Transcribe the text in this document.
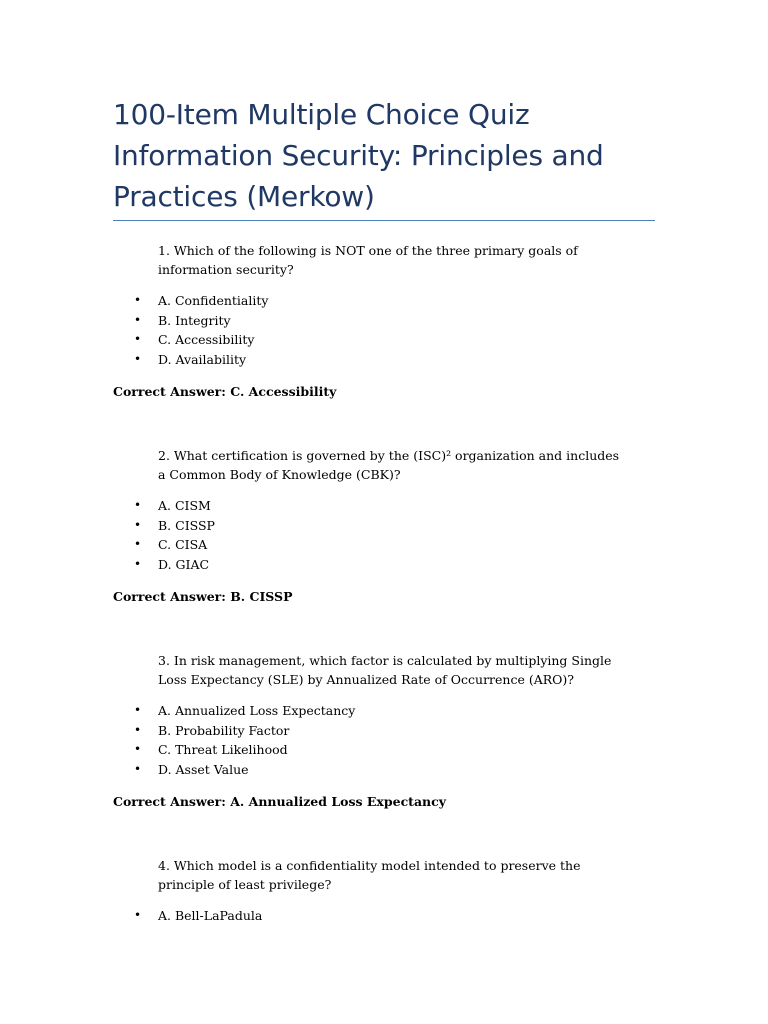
100-Item Multiple Choice Quiz
Information Security: Principles and
Practices (Merkow)

1. Which of the following is NOT one of the three primary goals of information security?

• A. Confidentiality
• B. Integrity
• C. Accessibility
• D. Availability

Correct Answer: C. Accessibility

2. What certification is governed by the (ISC)² organization and includes a Common Body of Knowledge (CBK)?

• A. CISM
• B. CISSP
• C. CISA
• D. GIAC

Correct Answer: B. CISSP

3. In risk management, which factor is calculated by multiplying Single Loss Expectancy (SLE) by Annualized Rate of Occurrence (ARO)?

• A. Annualized Loss Expectancy
• B. Probability Factor
• C. Threat Likelihood
• D. Asset Value

Correct Answer: A. Annualized Loss Expectancy

4. Which model is a confidentiality model intended to preserve the principle of least privilege?

• A. Bell-LaPadula
